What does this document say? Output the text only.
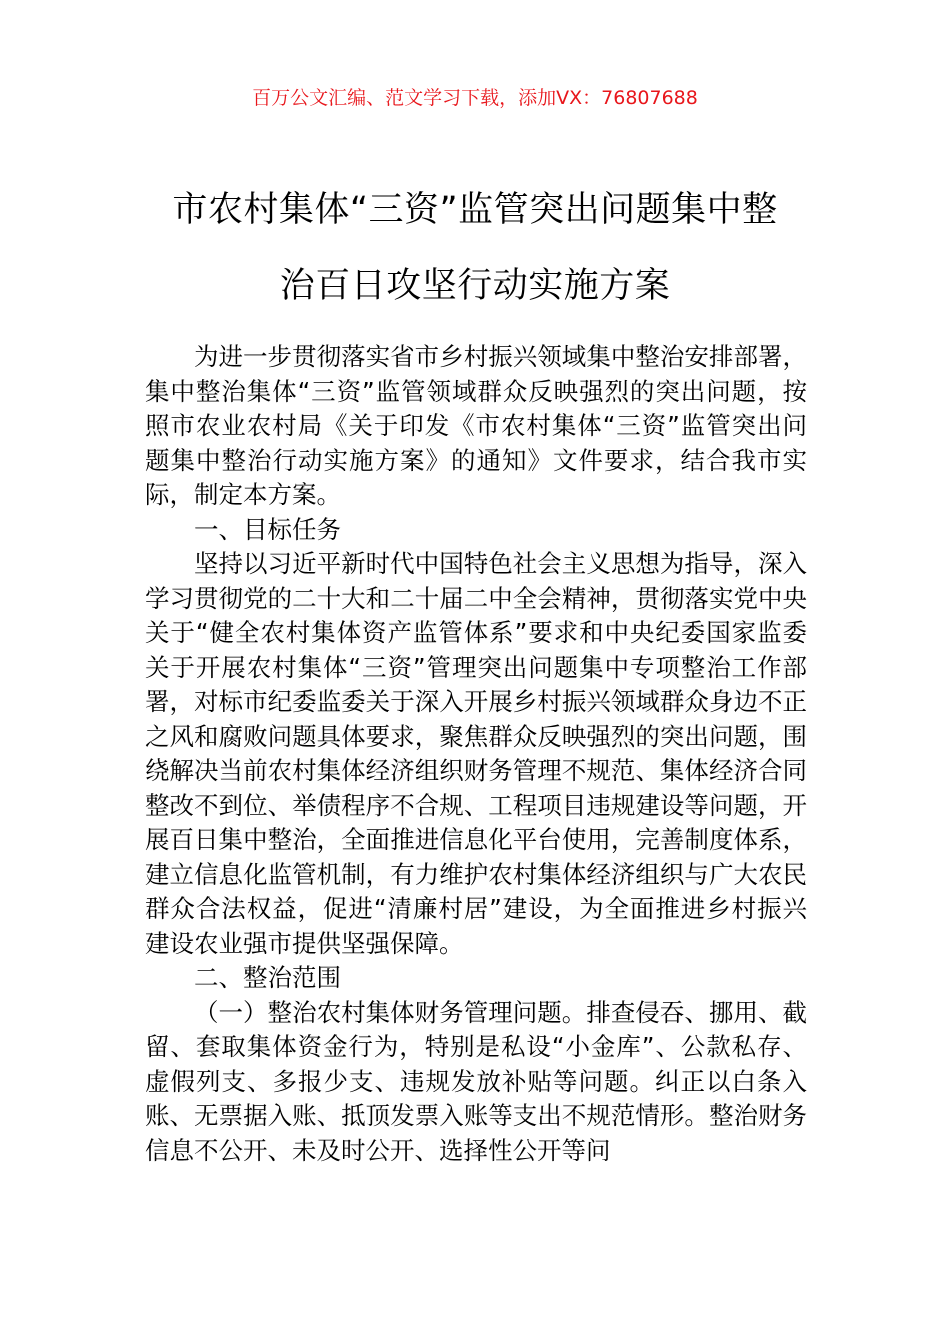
百万公文汇编、范文学习下载，添加VX：76807688
市农村集体“三资”监管突出问题集中整
治百日攻坚行动实施方案

为进一步贯彻落实省市乡村振兴领域集中整治安排部署，集中整治集体“三资”监管领域群众反映强烈的突出问题，按照市农业农村局《关于印发《市农村集体“三资”监管突出问题集中整治行动实施方案》的通知》文件要求，结合我市实际，制定本方案。

一、目标任务

坚持以习近平新时代中国特色社会主义思想为指导，深入学习贯彻党的二十大和二十届二中全会精神，贯彻落实党中央关于“健全农村集体资产监管体系”要求和中央纪委国家监委关于开展农村集体“三资”管理突出问题集中专项整治工作部署，对标市纪委监委关于深入开展乡村振兴领域群众身边不正之风和腐败问题具体要求，聚焦群众反映强烈的突出问题，围绕解决当前农村集体经济组织财务管理不规范、集体经济合同整改不到位、举债程序不合规、工程项目违规建设等问题，开展百日集中整治，全面推进信息化平台使用，完善制度体系，建立信息化监管机制，有力维护农村集体经济组织与广大农民群众合法权益，促进“清廉村居”建设，为全面推进乡村振兴建设农业强市提供坚强保障。

二、整治范围

（一）整治农村集体财务管理问题。排查侵吞、挪用、截留、套取集体资金行为，特别是私设“小金库”、公款私存、虚假列支、多报少支、违规发放补贴等问题。纠正以白条入账、无票据入账、抵顶发票入账等支出不规范情形。整治财务信息不公开、未及时公开、选择性公开等问
